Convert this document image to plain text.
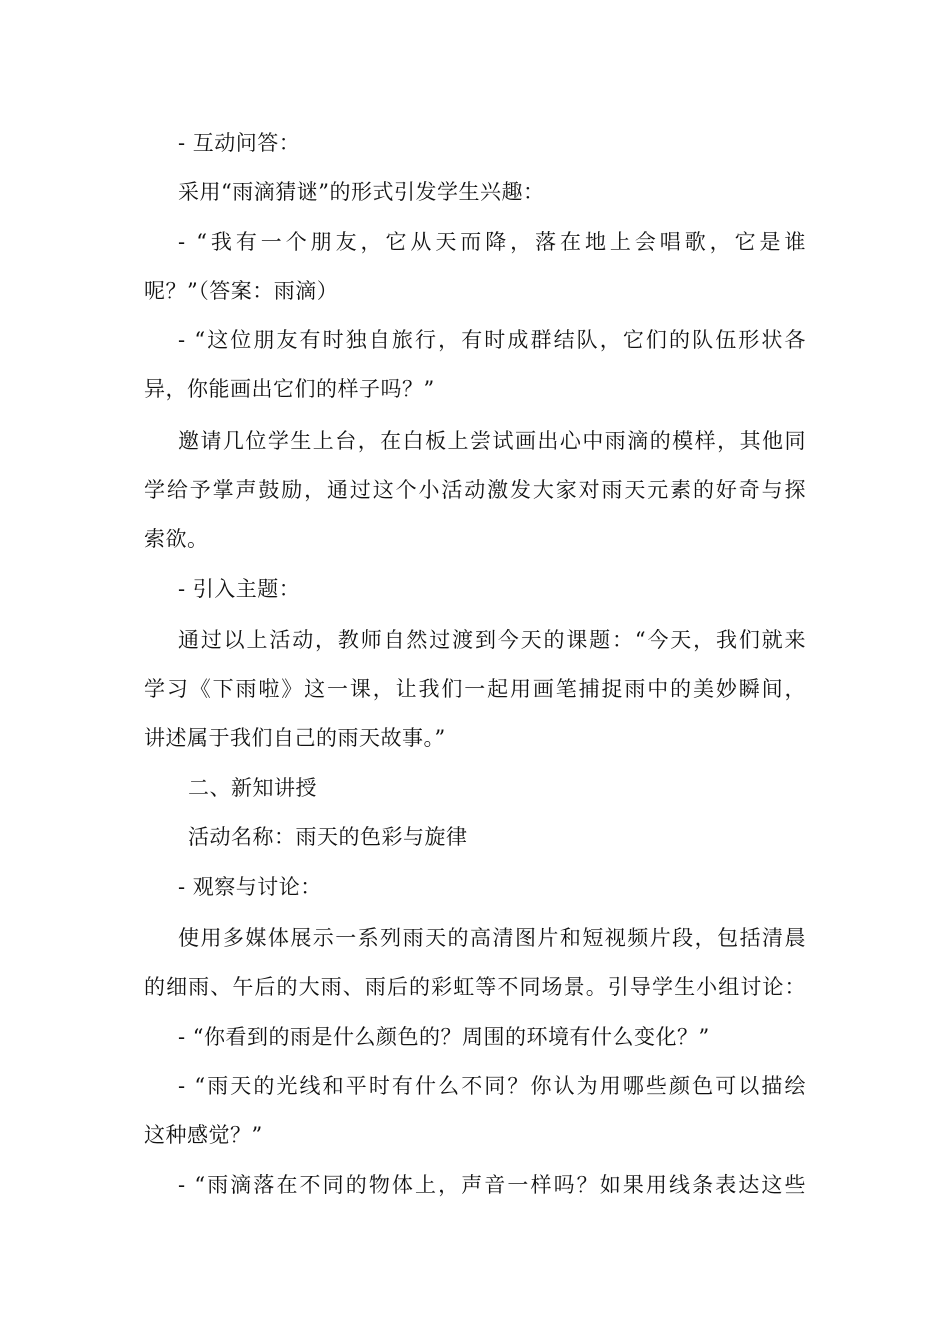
- 互动问答：
采用“雨滴猜谜”的形式引发学生兴趣：
- “我有一个朋友，它从天而降，落在地上会唱歌，它是谁
呢？”（答案：雨滴）
- “这位朋友有时独自旅行，有时成群结队，它们的队伍形状各
异，你能画出它们的样子吗？”
邀请几位学生上台，在白板上尝试画出心中雨滴的模样，其他同
学给予掌声鼓励，通过这个小活动激发大家对雨天元素的好奇与探
索欲。
- 引入主题：
通过以上活动，教师自然过渡到今天的课题：“今天，我们就来
学习《下雨啦》这一课，让我们一起用画笔捕捉雨中的美妙瞬间，
讲述属于我们自己的雨天故事。”
二、新知讲授
活动名称：雨天的色彩与旋律
- 观察与讨论：
使用多媒体展示一系列雨天的高清图片和短视频片段，包括清晨
的细雨、午后的大雨、雨后的彩虹等不同场景。引导学生小组讨论：
- “你看到的雨是什么颜色的？周围的环境有什么变化？”
- “雨天的光线和平时有什么不同？你认为用哪些颜色可以描绘
这种感觉？”
- “雨滴落在不同的物体上，声音一样吗？如果用线条表达这些
